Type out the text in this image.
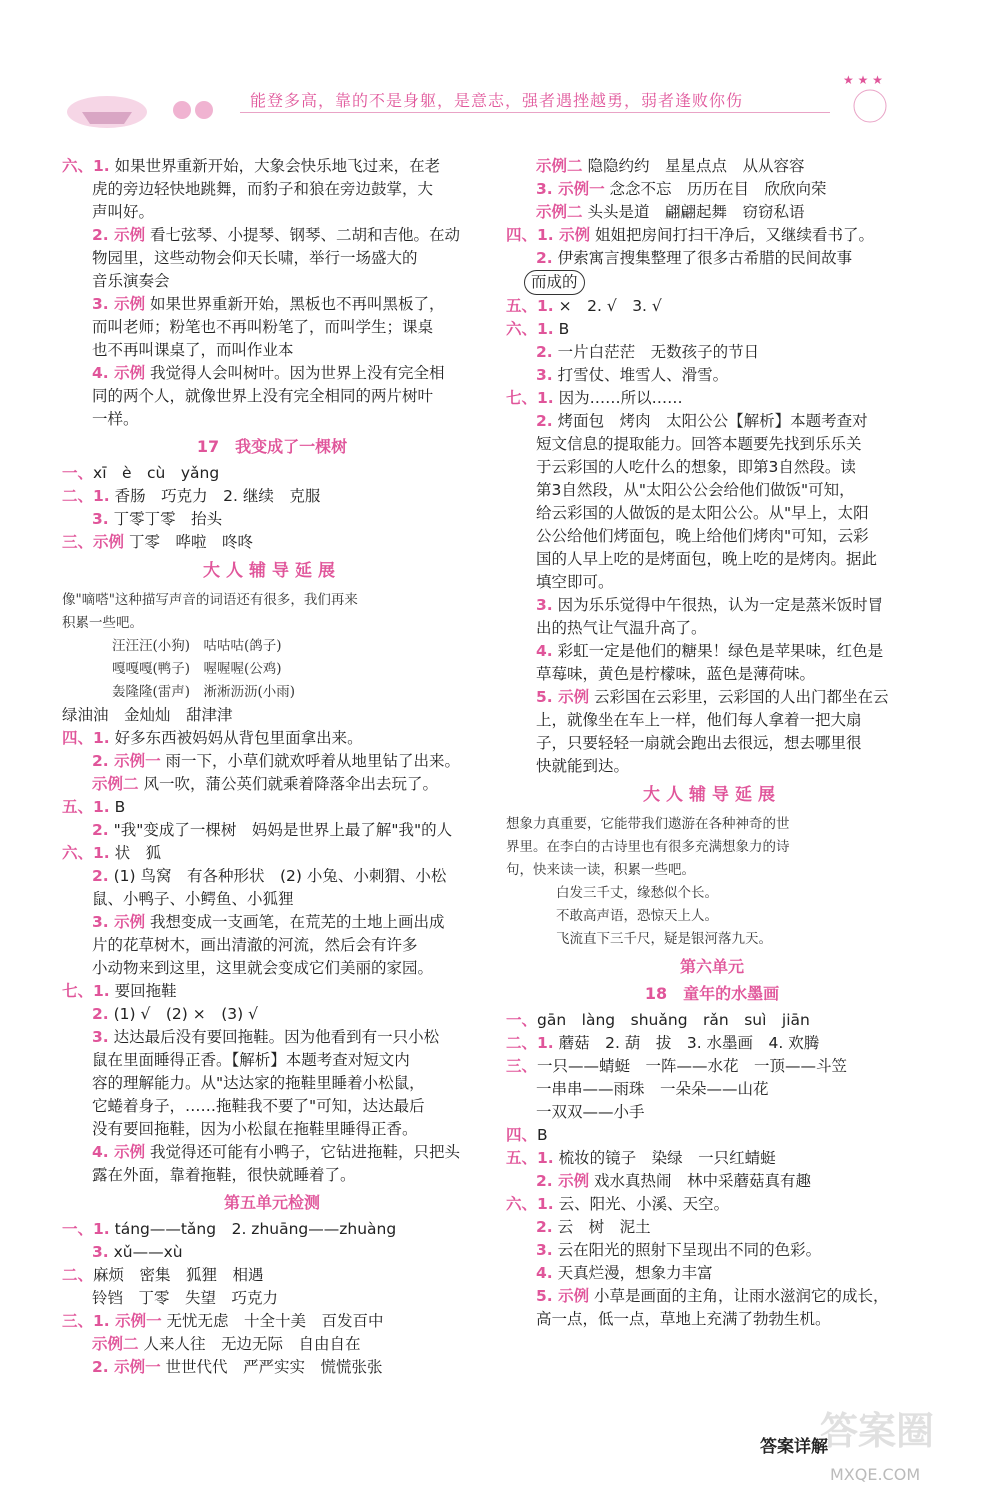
能登多高，靠的不是身躯，是意志，强者遇挫越勇，弱者逢败你伤
★ ★ ★
六、1. 如果世界重新开始，大象会快乐地飞过来，在老
虎的旁边轻快地跳舞，而豹子和狼在旁边鼓掌，大
声叫好。
2. 示例 看七弦琴、小提琴、钢琴、二胡和吉他。在动
物园里，这些动物会仰天长啸，举行一场盛大的
音乐演奏会
3. 示例 如果世界重新开始，黑板也不再叫黑板了，
而叫老师；粉笔也不再叫粉笔了，而叫学生；课桌
也不再叫课桌了，而叫作业本
4. 示例 我觉得人会叫树叶。因为世界上没有完全相
同的两个人，就像世界上没有完全相同的两片树叶
一样。
17　我变成了一棵树
一、xī　è　cù　yǎng
二、1. 香肠　巧克力　2. 继续　克服
3. 丁零丁零　抬头
三、示例 丁零　哗啦　咚咚
大人辅导延展
像"嘀嗒"这种描写声音的词语还有很多，我们再来
积累一些吧。
汪汪汪(小狗)　咕咕咕(鸽子)
嘎嘎嘎(鸭子)　喔喔喔(公鸡)
轰隆隆(雷声)　淅淅沥沥(小雨)
绿油油　金灿灿　甜津津
四、1. 好多东西被妈妈从背包里面拿出来。
2. 示例一 雨一下，小草们就欢呼着从地里钻了出来。
示例二 风一吹，蒲公英们就乘着降落伞出去玩了。
五、1. B
2. "我"变成了一棵树　妈妈是世界上最了解"我"的人
六、1. 状　狐
2. (1) 鸟窝　有各种形状　(2) 小兔、小刺猬、小松
鼠、小鸭子、小鳄鱼、小狐狸
3. 示例 我想变成一支画笔，在荒芜的土地上画出成
片的花草树木，画出清澈的河流，然后会有许多
小动物来到这里，这里就会变成它们美丽的家园。
七、1. 要回拖鞋
2. (1) √　(2) ×　(3) √
3. 达达最后没有要回拖鞋。因为他看到有一只小松
鼠在里面睡得正香。【解析】本题考查对短文内
容的理解能力。从"达达家的拖鞋里睡着小松鼠，
它蜷着身子，……拖鞋我不要了"可知，达达最后
没有要回拖鞋，因为小松鼠在拖鞋里睡得正香。
4. 示例 我觉得还可能有小鸭子，它钻进拖鞋，只把头
露在外面，靠着拖鞋，很快就睡着了。
第五单元检测
一、1. táng——tǎng　2. zhuāng——zhuàng
3. xǔ——xù
二、麻烦　密集　狐狸　相遇
铃铛　丁零　失望　巧克力
三、1. 示例一 无忧无虑　十全十美　百发百中
示例二 人来人往　无边无际　自由自在
2. 示例一 世世代代　严严实实　慌慌张张
示例二 隐隐约约　星星点点　从从容容
3. 示例一 念念不忘　历历在目　欣欣向荣
示例二 头头是道　翩翩起舞　窃窃私语
四、1. 示例 姐姐把房间打扫干净后，又继续看书了。
2. 伊索寓言搜集整理了很多古希腊的民间故事
而成的
五、1. ×　2. √　3. √
六、1. B
2. 一片白茫茫　无数孩子的节日
3. 打雪仗、堆雪人、滑雪。
七、1. 因为……所以……
2. 烤面包　烤肉　太阳公公【解析】本题考查对
短文信息的提取能力。回答本题要先找到乐乐关
于云彩国的人吃什么的想象，即第3自然段。读
第3自然段，从"太阳公公会给他们做饭"可知，
给云彩国的人做饭的是太阳公公。从"早上，太阳
公公给他们烤面包，晚上给他们烤肉"可知，云彩
国的人早上吃的是烤面包，晚上吃的是烤肉。据此
填空即可。
3. 因为乐乐觉得中午很热，认为一定是蒸米饭时冒
出的热气让气温升高了。
4. 彩虹一定是他们的糖果！绿色是苹果味，红色是
草莓味，黄色是柠檬味，蓝色是薄荷味。
5. 示例 云彩国在云彩里，云彩国的人出门都坐在云
上，就像坐在车上一样，他们每人拿着一把大扇
子，只要轻轻一扇就会跑出去很远，想去哪里很
快就能到达。
大人辅导延展
想象力真重要，它能带我们遨游在各种神奇的世
界里。在李白的古诗里也有很多充满想象力的诗
句，快来读一读，积累一些吧。
白发三千丈，缘愁似个长。
不敢高声语，恐惊天上人。
飞流直下三千尺，疑是银河落九天。
第六单元
18　童年的水墨画
一、gān　làng　shuǎng　rǎn　suì　jiān
二、1. 蘑菇　2. 葫　拔　3. 水墨画　4. 欢腾
三、一只——蜻蜓　一阵——水花　一顶——斗笠
一串串——雨珠　一朵朵——山花
一双双——小手
四、B
五、1. 梳妆的镜子　染绿　一只红蜻蜓
2. 示例 戏水真热闹　林中采蘑菇真有趣
六、1. 云、阳光、小溪、天空。
2. 云　树　泥土
3. 云在阳光的照射下呈现出不同的色彩。
4. 天真烂漫，想象力丰富
5. 示例 小草是画面的主角，让雨水滋润它的成长，
高一点，低一点，草地上充满了勃勃生机。
答案圈
答案详解
MXQE.COM
